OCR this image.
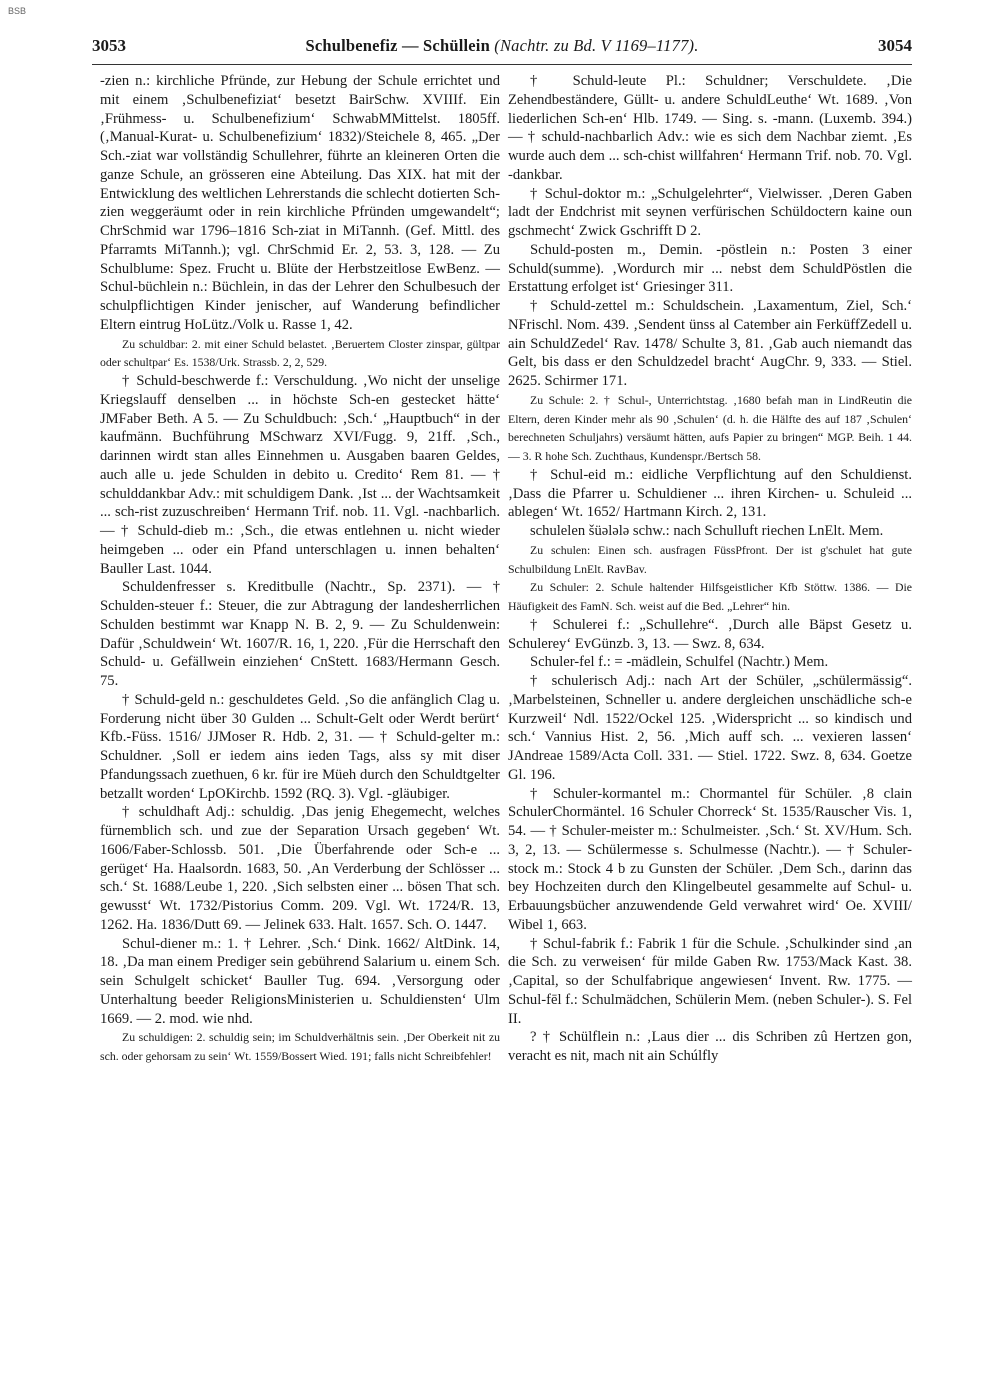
BSB
3053	Schulbenefiz — Schüllein (Nachtr. zu Bd. V 1169–1177).	3054

-zien n.: kirchliche Pfründe, zur Hebung der Schule errichtet und mit einem ‚Schulbenefiziat‘ besetzt BairSchw. XVIIIf. Ein ‚Frühmess- u. Schulbenefizium‘ SchwabMMittelst. 1805ff. (‚Manual-Kurat- u. Schulbenefizium‘ 1832)/Steichele 8, 465. „Der Sch.-ziat war vollständig Schullehrer, führte an kleineren Orten die ganze Schule, an grösseren eine Abteilung. Das XIX. hat mit der Entwicklung des weltlichen Lehrerstands die schlecht dotierten Sch-zien weggeräumt oder in rein kirchliche Pfründen umgewandelt“; ChrSchmid war 1796–1816 Sch-ziat in MiTannh. (Gef. Mittl. des Pfarramts MiTannh.); vgl. ChrSchmid Er. 2, 53. 3, 128. — Zu Schulblume: Spez. Frucht u. Blüte der Herbstzeitlose EwBenz. — Schul-büchlein n.: Büchlein, in das der Lehrer den Schulbesuch der schulpflichtigen Kinder jenischer, auf Wanderung befindlicher Eltern eintrug HoLütz./Volk u. Rasse 1, 42.

Zu schuldbar: 2. mit einer Schuld belastet. ‚Beruertem Closter zinspar, gültpar oder schultpar‘ Es. 1538/Urk. Strassb. 2, 2, 529.

† Schuld-beschwerde f.: Verschuldung. ‚Wo nicht der unselige Kriegslauff denselben ... in höchste Sch-en gestecket hätte‘ JMFaber Beth. A 5. — Zu Schuldbuch: ‚Sch.‘ „Hauptbuch“ in der kaufmänn. Buchführung MSchwarz XVI/Fugg. 9, 21ff. ‚Sch., darinnen wirdt stan alles Einnehmen u. Ausgaben baaren Geldes, auch alle u. jede Schulden in debito u. Credito‘ Rem 81. — † schulddankbar Adv.: mit schuldigem Dank. ‚Ist ... der Wachtsamkeit ... sch-rist zuzuschreiben‘ Hermann Trif. nob. 11. Vgl. -nachbarlich. — † Schuld-dieb m.: ‚Sch., die etwas entlehnen u. nicht wieder heimgeben ... oder ein Pfand unterschlagen u. innen behalten‘ Bauller Last. 1044.

Schuldenfresser s. Kreditbulle (Nachtr., Sp. 2371). — † Schulden-steuer f.: Steuer, die zur Abtragung der landesherrlichen Schulden bestimmt war Knapp N. B. 2, 9. — Zu Schuldenwein: Dafür ‚Schuldwein‘ Wt. 1607/R. 16, 1, 220. ‚Für die Herrschaft den Schuld- u. Gefällwein einziehen‘ CnStett. 1683/Hermann Gesch. 75.

† Schuld-geld n.: geschuldetes Geld. ‚So die anfänglich Clag u. Forderung nicht über 30 Gulden ... Schult-Gelt oder Werdt berürt‘ Kfb.-Füss. 1516/ JJMoser R. Hdb. 2, 31. — † Schuld-gelter m.: Schuldner. ‚Soll er iedem ains ieden Tags, alss sy mit diser Pfandungssach zuethuen, 6 kr. für ire Müeh durch den Schuldtgelter betzallt worden‘ LpOKirchb. 1592 (RQ. 3). Vgl. -gläubiger.

† schuldhaft Adj.: schuldig. ‚Das jenig Ehegemecht, welches fürnemblich sch. und zue der Separation Ursach gegeben‘ Wt. 1606/Faber-Schlossb. 501. ‚Die Überfahrende oder Sch-e ... gerüget‘ Ha. Haalsordn. 1683, 50. ‚An Verderbung der Schlösser ... sch.‘ St. 1688/Leube 1, 220. ‚Sich selbsten einer ... bösen That sch. gewusst‘ Wt. 1732/Pistorius Comm. 209. Vgl. Wt. 1724/R. 13, 1262. Ha. 1836/Dutt 69. — Jelinek 633. Halt. 1657. Sch. O. 1447.

Schul-diener m.: 1. † Lehrer. ‚Sch.‘ Dink. 1662/ AltDink. 14, 18. ‚Da man einem Prediger sein gebührend Salarium u. einem Sch. sein Schulgelt schicket‘ Bauller Tug. 694. ‚Versorgung oder Unterhaltung beeder ReligionsMinisterien u. Schuldiensten‘ Ulm 1669. — 2. mod. wie nhd.

Zu schuldigen: 2. schuldig sein; im Schuldverhältnis sein. ‚Der Oberkeit nit zu sch. oder gehorsam zu sein‘ Wt. 1559/Bossert Wied. 191; falls nicht Schreibfehler!

† Schuld-leute Pl.: Schuldner; Verschuldete. ‚Die Zehendbeständere, Güllt- u. andere SchuldLeuthe‘ Wt. 1689. ‚Von liederlichen Sch-en‘ Hlb. 1749. — Sing. s. -mann. (Luxemb. 394.) — † schuld-nachbarlich Adv.: wie es sich dem Nachbar ziemt. ‚Es wurde auch dem ... sch-chist willfahren‘ Hermann Trif. nob. 70. Vgl. -dankbar.

† Schul-doktor m.: „Schulgelehrter“, Vielwisser. ‚Deren Gaben ladt der Endchrist mit seynen verfürischen Schüldoctern kaine oun gschmecht‘ Zwick Gschrifft D 2.

Schuld-posten m., Demin. -pöstlein n.: Posten 3 einer Schuld(summe). ‚Wordurch mir ... nebst dem SchuldPöstlen die Erstattung erfolget ist‘ Griesinger 311.

† Schuld-zettel m.: Schuldschein. ‚Laxamentum, Ziel, Sch.‘ NFrischl. Nom. 439. ‚Sendent ünss al Catember ain FerküffZedell u. ain SchuldZedel‘ Rav. 1478/ Schulte 3, 81. ‚Gab auch niemandt das Gelt, bis dass er den Schuldzedel bracht‘ AugChr. 9, 333. — Stiel. 2625. Schirmer 171.

Zu Schule: 2. † Schul-, Unterrichtstag. ‚1680 befah man in LindReutin die Eltern, deren Kinder mehr als 90 ‚Schulen‘ (d. h. die Hälfte des auf 187 ‚Schulen‘ berechneten Schuljahrs) versäumt hätten, aufs Papier zu bringen“ MGP. Beih. 1 44. — 3. R hohe Sch. Zuchthaus, Kundenspr./Bertsch 58.

† Schul-eid m.: eidliche Verpflichtung auf den Schuldienst. ‚Dass die Pfarrer u. Schuldiener ... ihren Kirchen- u. Schuleid ... ablegen‘ Wt. 1652/ Hartmann Kirch. 2, 131.

schulelen šüələlə schw.: nach Schulluft riechen LnElt. Mem.

Zu schulen: Einen sch. ausfragen FüssPfront. Der ist g'schulet hat gute Schulbildung LnElt. RavBav.

Zu Schuler: 2. Schule haltender Hilfsgeistlicher Kfb Stöttw. 1386. — Die Häufigkeit des FamN. Sch. weist auf die Bed. „Lehrer“ hin.

† Schulerei f.: „Schullehre“. ‚Durch alle Bäpst Gesetz u. Schulerey‘ EvGünzb. 3, 13. — Swz. 8, 634.

Schuler-fel f.: = -mädlein, Schulfel (Nachtr.) Mem.

† schulerisch Adj.: nach Art der Schüler, „schülermässig“. ‚Marbelsteinen, Schneller u. andere dergleichen unschädliche sch-e Kurzweil‘ Ndl. 1522/Ockel 125. ‚Widerspricht ... so kindisch und sch.‘ Vannius Hist. 2, 56. ‚Mich auff sch. ... vexieren lassen‘ JAndreae 1589/Acta Coll. 331. — Stiel. 1722. Swz. 8, 634. Goetze Gl. 196.

† Schuler-kormantel m.: Chormantel für Schüler. ‚8 clain SchulerChormäntel. 16 Schuler Chorreck‘ St. 1535/Rauscher Vis. 1, 54. — † Schuler-meister m.: Schulmeister. ‚Sch.‘ St. XV/Hum. Sch. 3, 2, 13. — Schülermesse s. Schulmesse (Nachtr.). — † Schuler-stock m.: Stock 4 b zu Gunsten der Schüler. ‚Dem Sch., darinn das bey Hochzeiten durch den Klingelbeutel gesammelte auf Schul- u. Erbauungsbücher anzuwendende Geld verwahret wird‘ Oe. XVIII/ Wibel 1, 663.

† Schul-fabrik f.: Fabrik 1 für die Schule. ‚Schulkinder sind ‚an die Sch. zu verweisen‘ für milde Gaben Rw. 1753/Mack Kast. 38. ‚Capital, so der Schulfabrique angewiesen‘ Invent. Rw. 1775. — Schul-fēl f.: Schulmädchen, Schülerin Mem. (neben Schuler-). S. Fel II.

? † Schülflein n.: ‚Laus dier ... dis Schriben zû Hertzen gon, veracht es nit, mach nit ain Schúlfly
